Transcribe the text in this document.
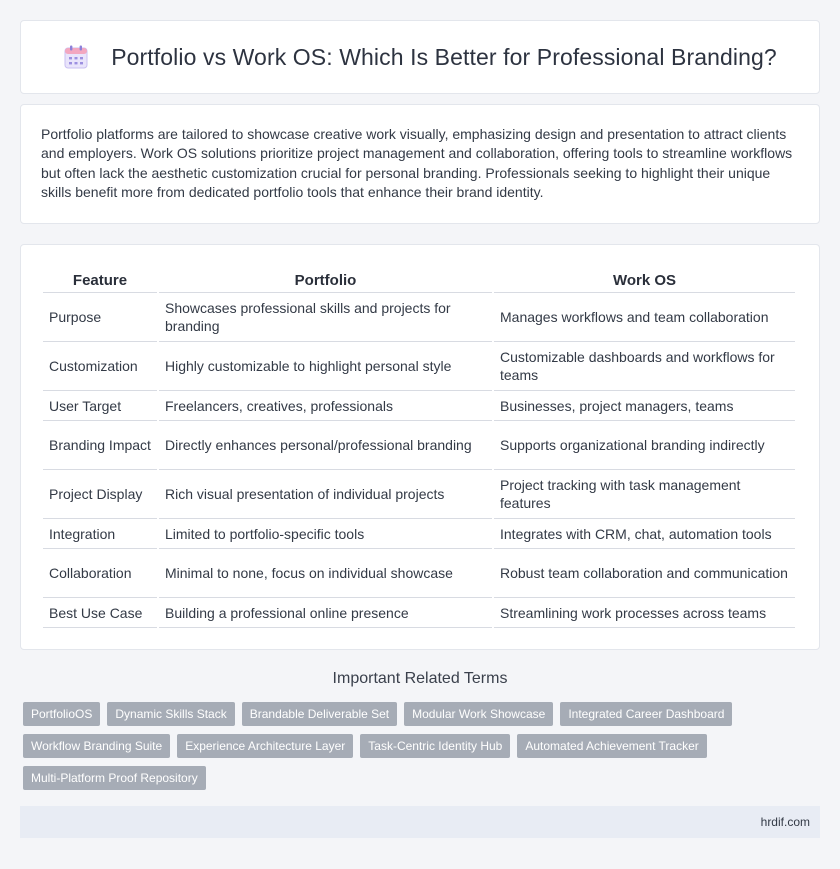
Portfolio vs Work OS: Which Is Better for Professional Branding?

Portfolio platforms are tailored to showcase creative work visually, emphasizing design and presentation to attract clients and employers. Work OS solutions prioritize project management and collaboration, offering tools to streamline workflows but often lack the aesthetic customization crucial for personal branding. Professionals seeking to highlight their unique skills benefit more from dedicated portfolio tools that enhance their brand identity.

Feature	Portfolio	Work OS
Purpose	Showcases professional skills and projects for branding	Manages workflows and team collaboration
Customization	Highly customizable to highlight personal style	Customizable dashboards and workflows for teams
User Target	Freelancers, creatives, professionals	Businesses, project managers, teams
Branding Impact	Directly enhances personal/professional branding	Supports organizational branding indirectly
Project Display	Rich visual presentation of individual projects	Project tracking with task management features
Integration	Limited to portfolio-specific tools	Integrates with CRM, chat, automation tools
Collaboration	Minimal to none, focus on individual showcase	Robust team collaboration and communication
Best Use Case	Building a professional online presence	Streamlining work processes across teams
Important Related Terms
PortfolioOS	Dynamic Skills Stack	Brandable Deliverable Set	Modular Work Showcase	Integrated Career Dashboard
Workflow Branding Suite	Experience Architecture Layer	Task-Centric Identity Hub	Automated Achievement Tracker
Multi-Platform Proof Repository
hrdif.com
